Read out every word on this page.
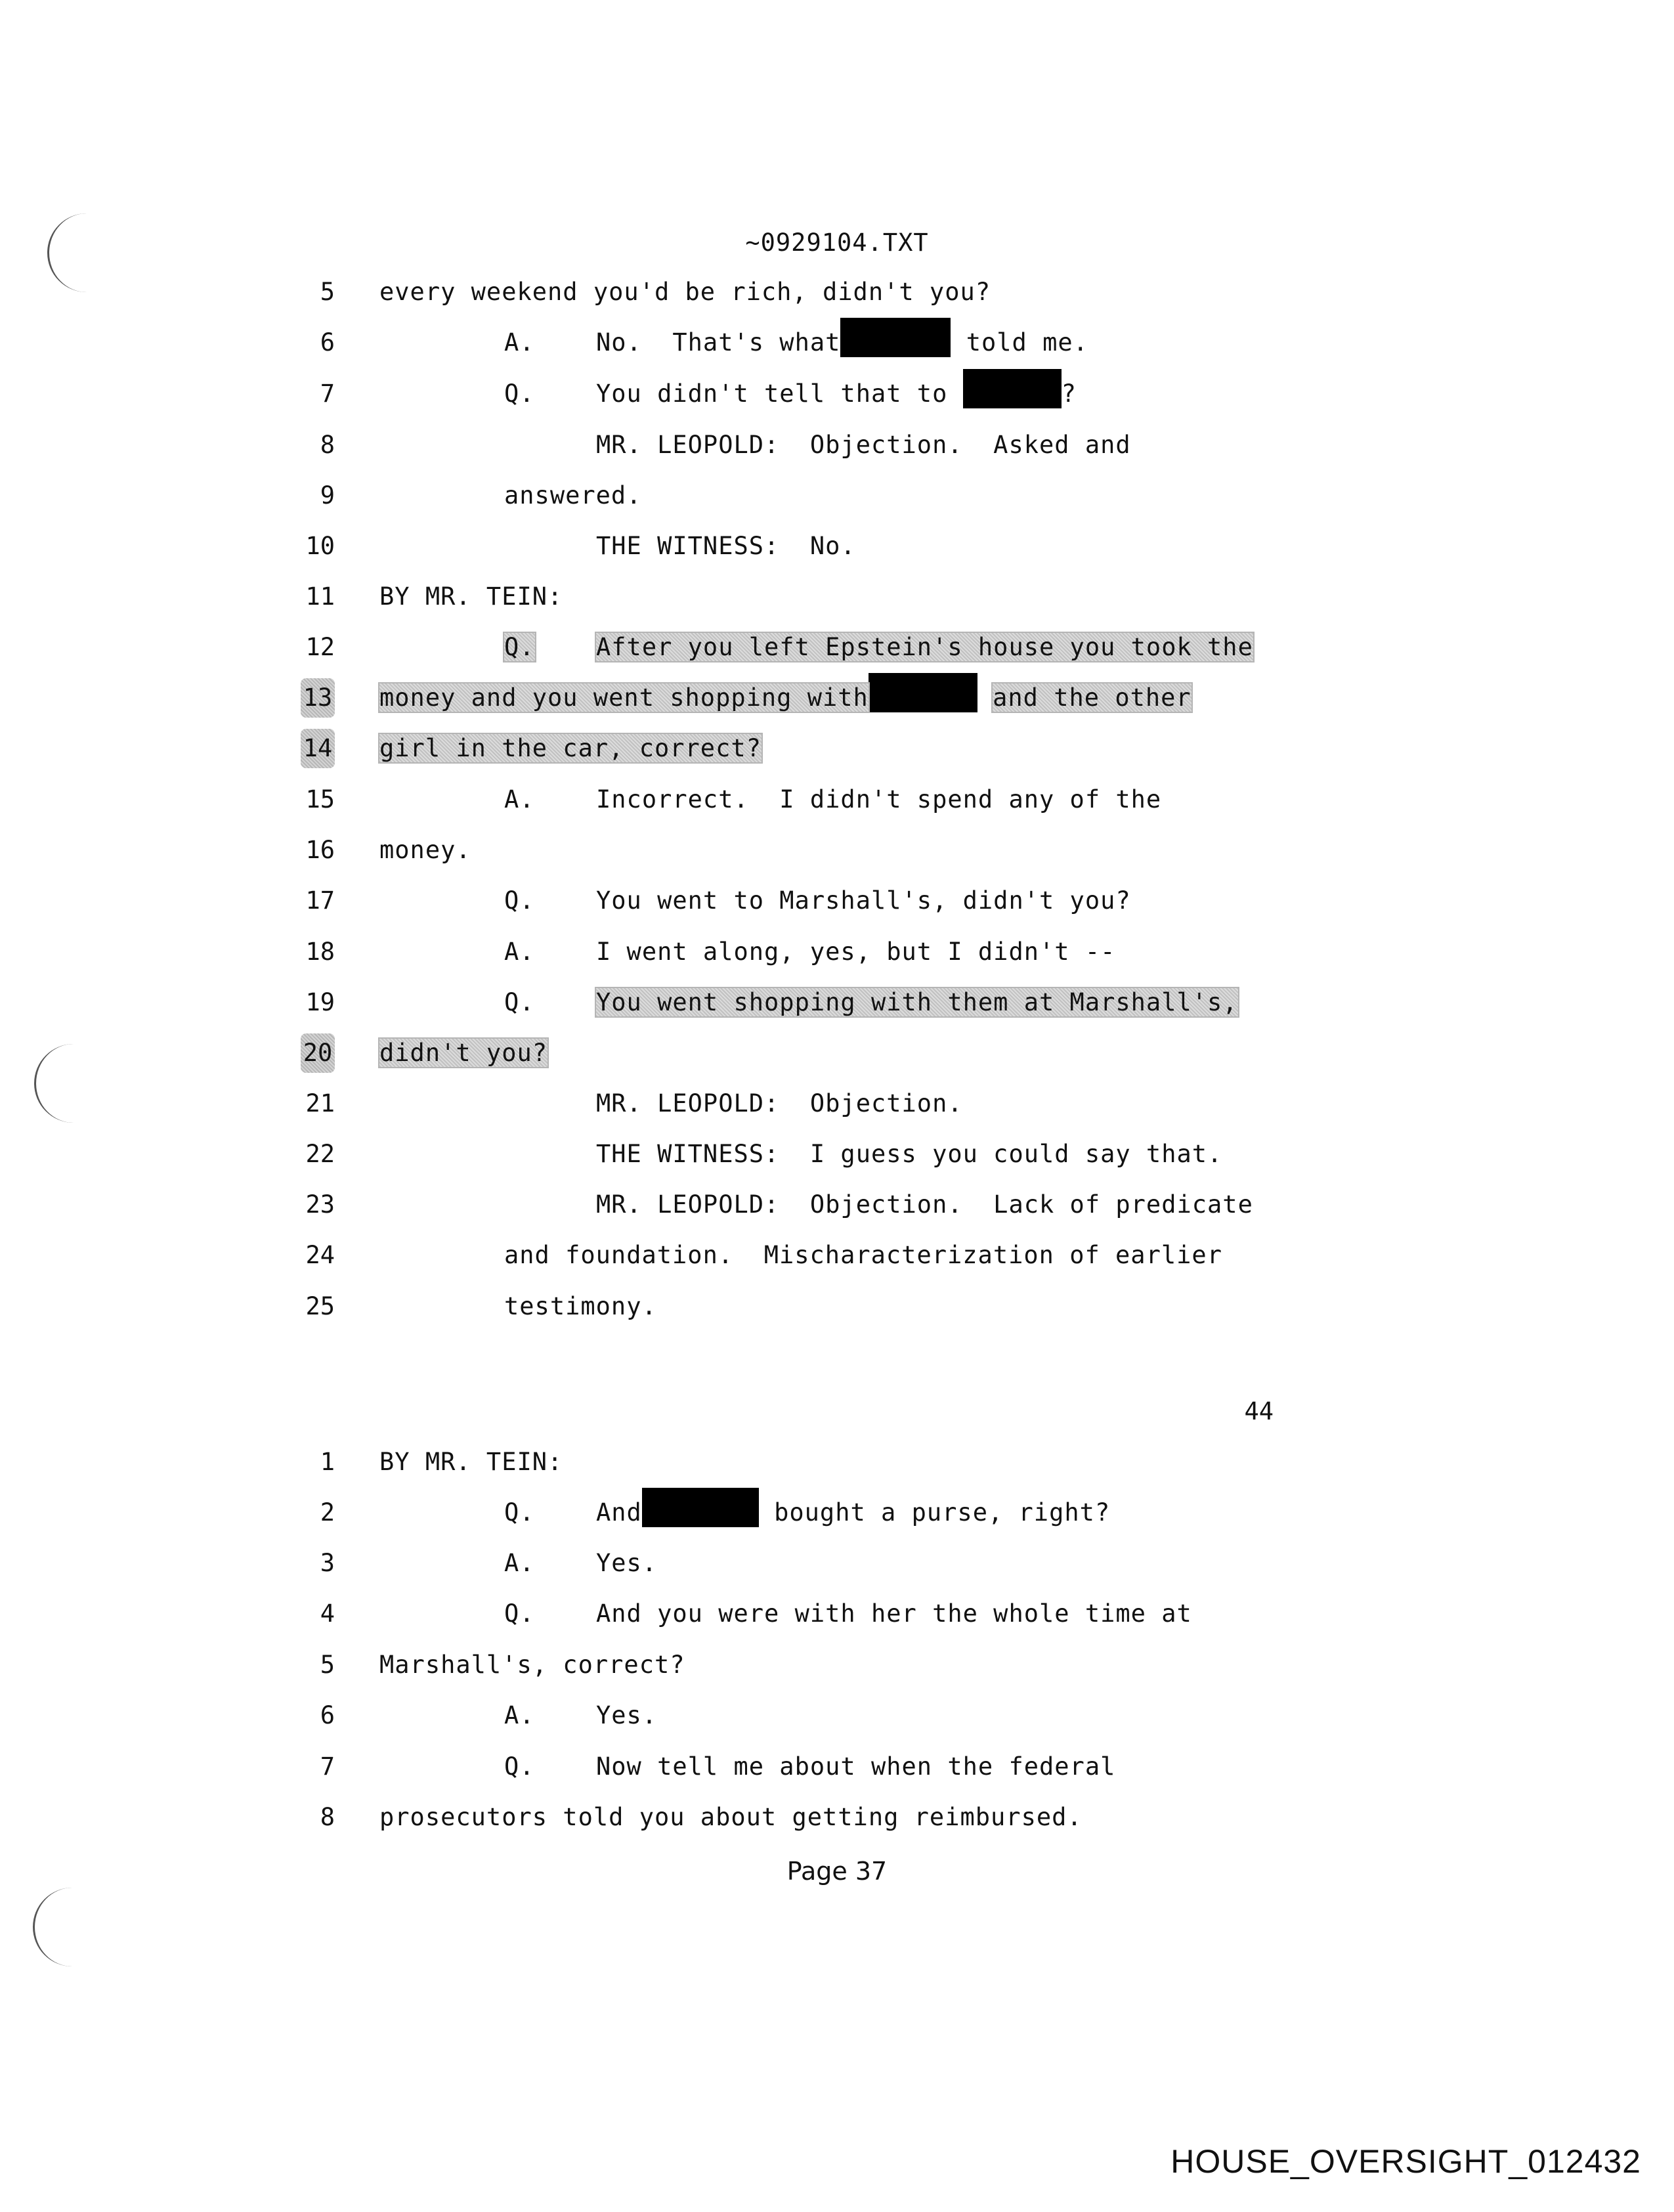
~0929104.TXT
5 every weekend you'd be rich, didn't you?
6	A.	No.  That's what	told me.
7	Q.	You didn't tell that to	?
8	MR. LEOPOLD:  Objection.  Asked and
9	answered.
10	THE WITNESS:  No.
11 BY MR. TEIN:
12	Q.	After you left Epstein's house you took the
13 money and you went shopping with	and the other
14 girl in the car, correct?
15	A.	Incorrect.  I didn't spend any of the
16 money.
17	Q.	You went to Marshall's, didn't you?
18	A.	I went along, yes, but I didn't --
19	Q.	You went shopping with them at Marshall's,
20 didn't you?
21	MR. LEOPOLD:  Objection.
22	THE WITNESS:  I guess you could say that.
23	MR. LEOPOLD:  Objection.  Lack of predicate
24	and foundation.  Mischaracterization of earlier
25	testimony.
44
1 BY MR. TEIN:
2	Q.	And	bought a purse, right?
3	A.	Yes.
4	Q.	And you were with her the whole time at
5 Marshall's, correct?
6	A.	Yes.
7	Q.	Now tell me about when the federal
8 prosecutors told you about getting reimbursed.
Page 37
HOUSE_OVERSIGHT_012432
